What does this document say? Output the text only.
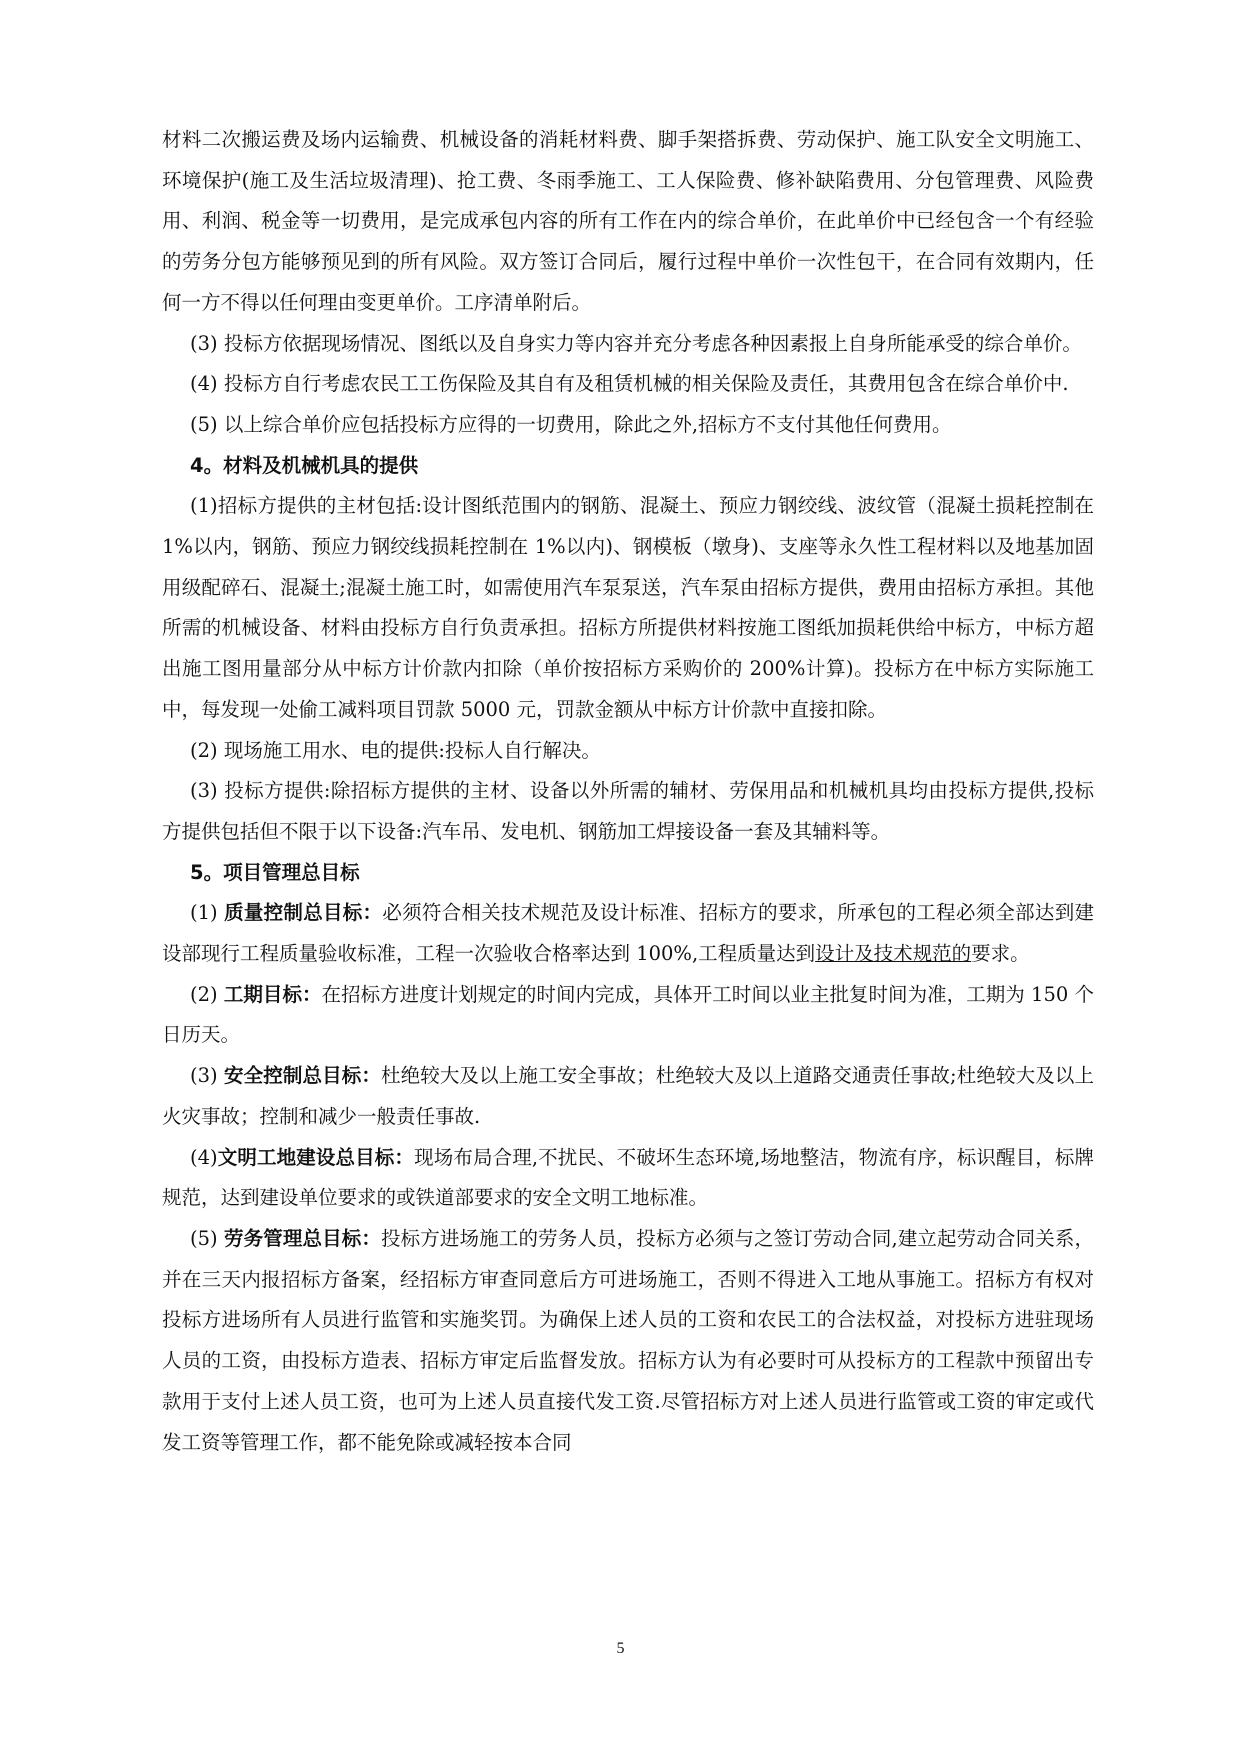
材料二次搬运费及场内运输费、机械设备的消耗材料费、脚手架搭拆费、劳动保护、施工队安全文明施工、环境保护(施工及生活垃圾清理)、抢工费、冬雨季施工、工人保险费、修补缺陷费用、分包管理费、风险费用、利润、税金等一切费用，是完成承包内容的所有工作在内的综合单价，在此单价中已经包含一个有经验的劳务分包方能够预见到的所有风险。双方签订合同后，履行过程中单价一次性包干，在合同有效期内，任何一方不得以任何理由变更单价。工序清单附后。

(3) 投标方依据现场情况、图纸以及自身实力等内容并充分考虑各种因素报上自身所能承受的综合单价。

(4) 投标方自行考虑农民工工伤保险及其自有及租赁机械的相关保险及责任，其费用包含在综合单价中.

(5) 以上综合单价应包括投标方应得的一切费用，除此之外,招标方不支付其他任何费用。

4。材料及机械机具的提供

(1)招标方提供的主材包括:设计图纸范围内的钢筋、混凝土、预应力钢绞线、波纹管（混凝土损耗控制在 1%以内，钢筋、预应力钢绞线损耗控制在 1%以内)、钢模板（墩身)、支座等永久性工程材料以及地基加固用级配碎石、混凝土;混凝土施工时，如需使用汽车泵泵送，汽车泵由招标方提供，费用由招标方承担。其他所需的机械设备、材料由投标方自行负责承担。招标方所提供材料按施工图纸加损耗供给中标方，中标方超出施工图用量部分从中标方计价款内扣除（单价按招标方采购价的 200%计算)。投标方在中标方实际施工中，每发现一处偷工减料项目罚款 5000 元，罚款金额从中标方计价款中直接扣除。

(2) 现场施工用水、电的提供:投标人自行解决。

(3) 投标方提供:除招标方提供的主材、设备以外所需的辅材、劳保用品和机械机具均由投标方提供,投标方提供包括但不限于以下设备:汽车吊、发电机、钢筋加工焊接设备一套及其辅料等。

5。项目管理总目标

(1) 质量控制总目标：必须符合相关技术规范及设计标准、招标方的要求，所承包的工程必须全部达到建设部现行工程质量验收标准，工程一次验收合格率达到 100%,工程质量达到设计及技术规范的要求。

(2) 工期目标：在招标方进度计划规定的时间内完成，具体开工时间以业主批复时间为准，工期为 150 个日历天。

(3) 安全控制总目标：杜绝较大及以上施工安全事故；杜绝较大及以上道路交通责任事故;杜绝较大及以上火灾事故；控制和减少一般责任事故.

(4)文明工地建设总目标：现场布局合理,不扰民、不破坏生态环境,场地整洁，物流有序，标识醒目，标牌规范，达到建设单位要求的或铁道部要求的安全文明工地标准。

(5) 劳务管理总目标：投标方进场施工的劳务人员，投标方必须与之签订劳动合同,建立起劳动合同关系，并在三天内报招标方备案，经招标方审查同意后方可进场施工，否则不得进入工地从事施工。招标方有权对投标方进场所有人员进行监管和实施奖罚。为确保上述人员的工资和农民工的合法权益，对投标方进驻现场人员的工资，由投标方造表、招标方审定后监督发放。招标方认为有必要时可从投标方的工程款中预留出专款用于支付上述人员工资，也可为上述人员直接代发工资.尽管招标方对上述人员进行监管或工资的审定或代发工资等管理工作，都不能免除或减轻按本合同

5
